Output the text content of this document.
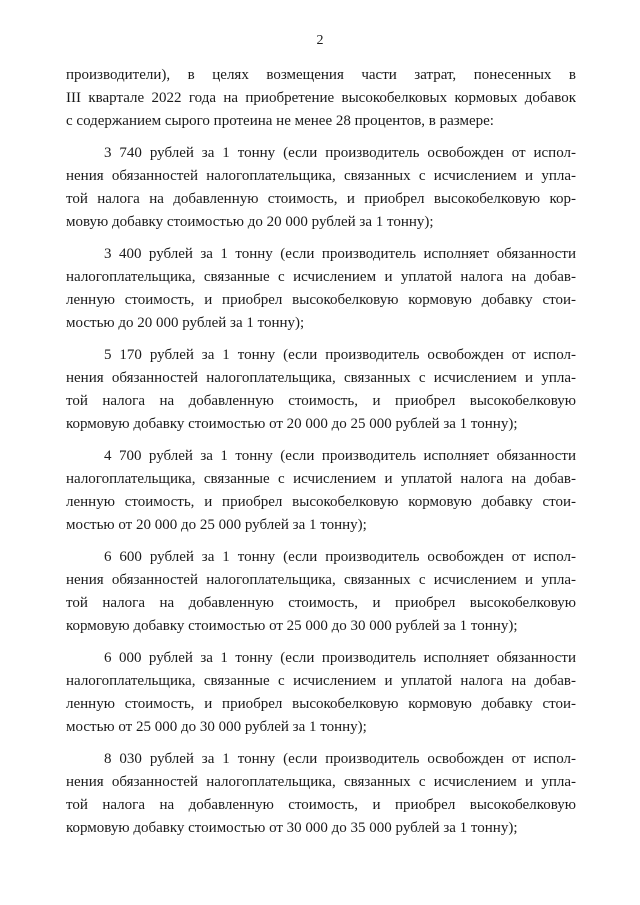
2
производители), в целях возмещения части затрат, понесенных в
III квартале 2022 года на приобретение высокобелковых кормовых добавок
с содержанием сырого протеина не менее 28 процентов, в размере:
3 740 рублей за 1 тонну (если производитель освобожден от испол-
нения обязанностей налогоплательщика, связанных с исчислением и упла-
той налога на добавленную стоимость, и приобрел высокобелковую кор-
мовую добавку стоимостью до 20 000 рублей за 1 тонну);
3 400 рублей за 1 тонну (если производитель исполняет обязанности
налогоплательщика, связанные с исчислением и уплатой налога на добав-
ленную стоимость, и приобрел высокобелковую кормовую добавку стои-
мостью до 20 000 рублей за 1 тонну);
5 170 рублей за 1 тонну (если производитель освобожден от испол-
нения обязанностей налогоплательщика, связанных с исчислением и упла-
той налога на добавленную стоимость, и приобрел высокобелковую
кормовую добавку стоимостью от 20 000 до 25 000 рублей за 1 тонну);
4 700 рублей за 1 тонну (если производитель исполняет обязанности
налогоплательщика, связанные с исчислением и уплатой налога на добав-
ленную стоимость, и приобрел высокобелковую кормовую добавку стои-
мостью от 20 000 до 25 000 рублей за 1 тонну);
6 600 рублей за 1 тонну (если производитель освобожден от испол-
нения обязанностей налогоплательщика, связанных с исчислением и упла-
той налога на добавленную стоимость, и приобрел высокобелковую
кормовую добавку стоимостью от 25 000 до 30 000 рублей за 1 тонну);
6 000 рублей за 1 тонну (если производитель исполняет обязанности
налогоплательщика, связанные с исчислением и уплатой налога на добав-
ленную стоимость, и приобрел высокобелковую кормовую добавку стои-
мостью от 25 000 до 30 000 рублей за 1 тонну);
8 030 рублей за 1 тонну (если производитель освобожден от испол-
нения обязанностей налогоплательщика, связанных с исчислением и упла-
той налога на добавленную стоимость, и приобрел высокобелковую
кормовую добавку стоимостью от 30 000 до 35 000 рублей за 1 тонну);
